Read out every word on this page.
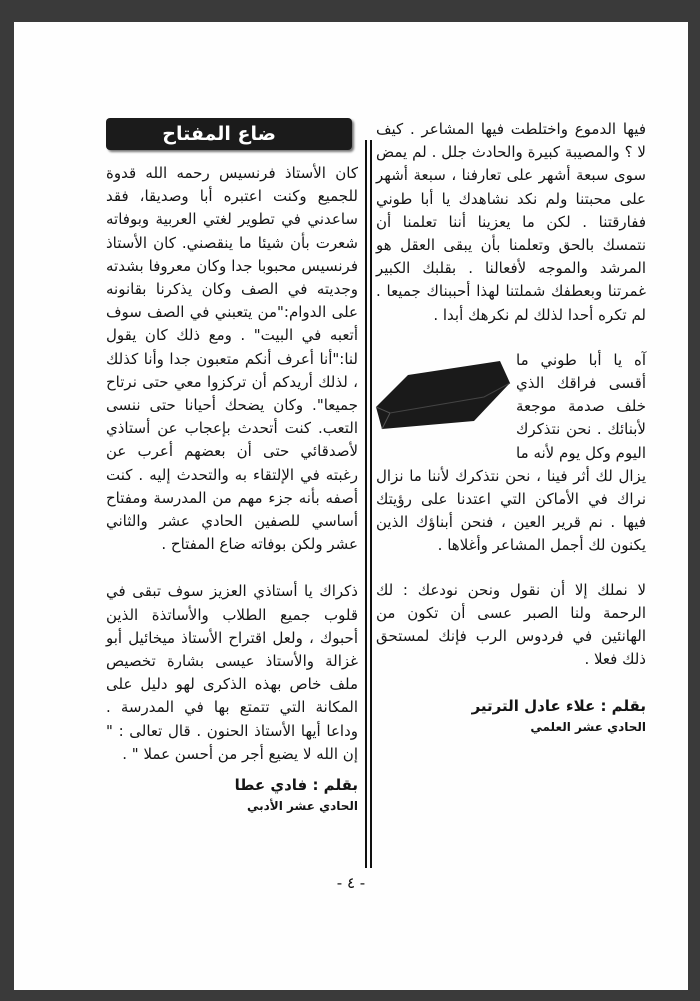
فيها الدموع واختلطت فيها المشاعر . كيف لا ؟ والمصيبة كبيرة والحادث جلل . لم يمض سوى سبعة أشهر على تعارفنا ، سبعة أشهر على محبتنا ولم نكد نشاهدك يا أبا طوني ففارقتنا . لكن ما يعزينا أننا تعلمنا أن نتمسك بالحق وتعلمنا بأن يبقى العقل هو المرشد والموجه لأفعالنا . بقلبك الكبير غمرتنا وبعطفك شملتنا لهذا أحببناك جميعا . لم تكره أحدا لذلك لم نكرهك أبدا .

آه يا أبا طوني ما أقسى فراقك الذي خلف صدمة موجعة لأبنائك . نحن نتذكرك اليوم وكل يوم لأنه ما يزال لك أثر فينا ، نحن نتذكرك لأننا ما نزال نراك في الأماكن التي اعتدنا على رؤيتك فيها . نم قرير العين ، فنحن أبناؤك الذين يكنون لك أجمل المشاعر وأغلاها .

لا نملك إلا أن نقول ونحن نودعك : لك الرحمة ولنا الصبر عسى أن تكون من الهانئين في فردوس الرب فإنك لمستحق ذلك فعلا .

بقلم : علاء عادل الترتير
الحادي عشر العلمي
ضاع المفتاح

كان الأستاذ فرنسيس رحمه الله قدوة للجميع وكنت اعتبره أبا وصديقا، فقد ساعدني في تطوير لغتي العربية وبوفاته شعرت بأن شيئا ما ينقصني. كان الأستاذ فرنسيس محبوبا جدا وكان معروفا بشدته وجديته في الصف وكان يذكرنا بقانونه على الدوام:"من يتعبني في الصف سوف أتعبه في البيت" . ومع ذلك كان يقول لنا:"أنا أعرف أنكم متعبون جدا وأنا كذلك ، لذلك أريدكم أن تركزوا معي حتى نرتاح جميعا". وكان يضحك أحيانا حتى ننسى التعب. كنت أتحدث بإعجاب عن أستاذي لأصدقائي حتى أن بعضهم أعرب عن رغبته في الإلتقاء به والتحدث إليه . كنت أصفه بأنه جزء مهم من المدرسة ومفتاح أساسي للصفين الحادي عشر والثاني عشر ولكن بوفاته ضاع المفتاح .

ذكراك يا أستاذي العزيز سوف تبقى في قلوب جميع الطلاب والأساتذة الذين أحبوك ، ولعل اقتراح الأستاذ ميخائيل أبو غزالة والأستاذ عيسى بشارة تخصيص ملف خاص بهذه الذكرى لهو دليل على المكانة التي تتمتع بها في المدرسة . وداعا أيها الأستاذ الحنون . قال تعالى : " إن الله لا يضيع أجر من أحسن عملا " .

بقلم : فادي عطا
الحادي عشر الأدبي
- ٤ -
